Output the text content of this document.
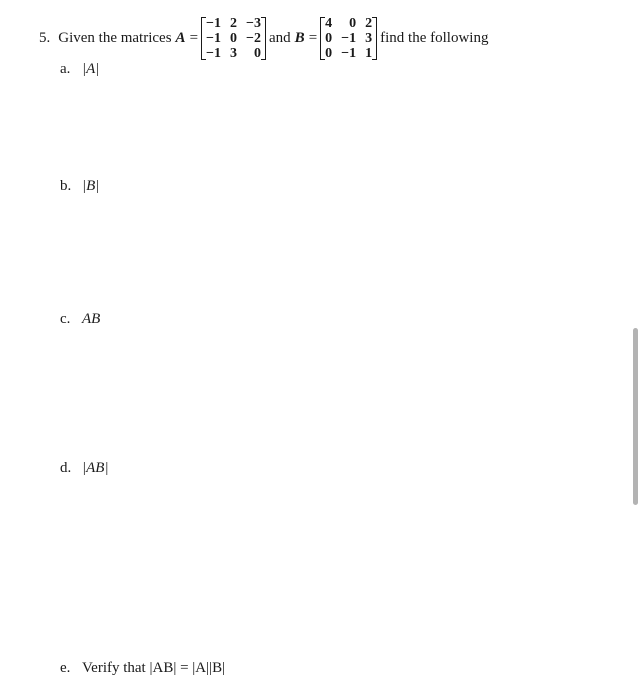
5. Given the matrices A =
−1	2	−3
−1	0	−2
−1	3	0
and B =
4	0	2
0	−1	3
0	−1	1
find the following
a. |A|
b. |B|
c. AB
d. |AB|
e. Verify that |AB| = |A||B|
